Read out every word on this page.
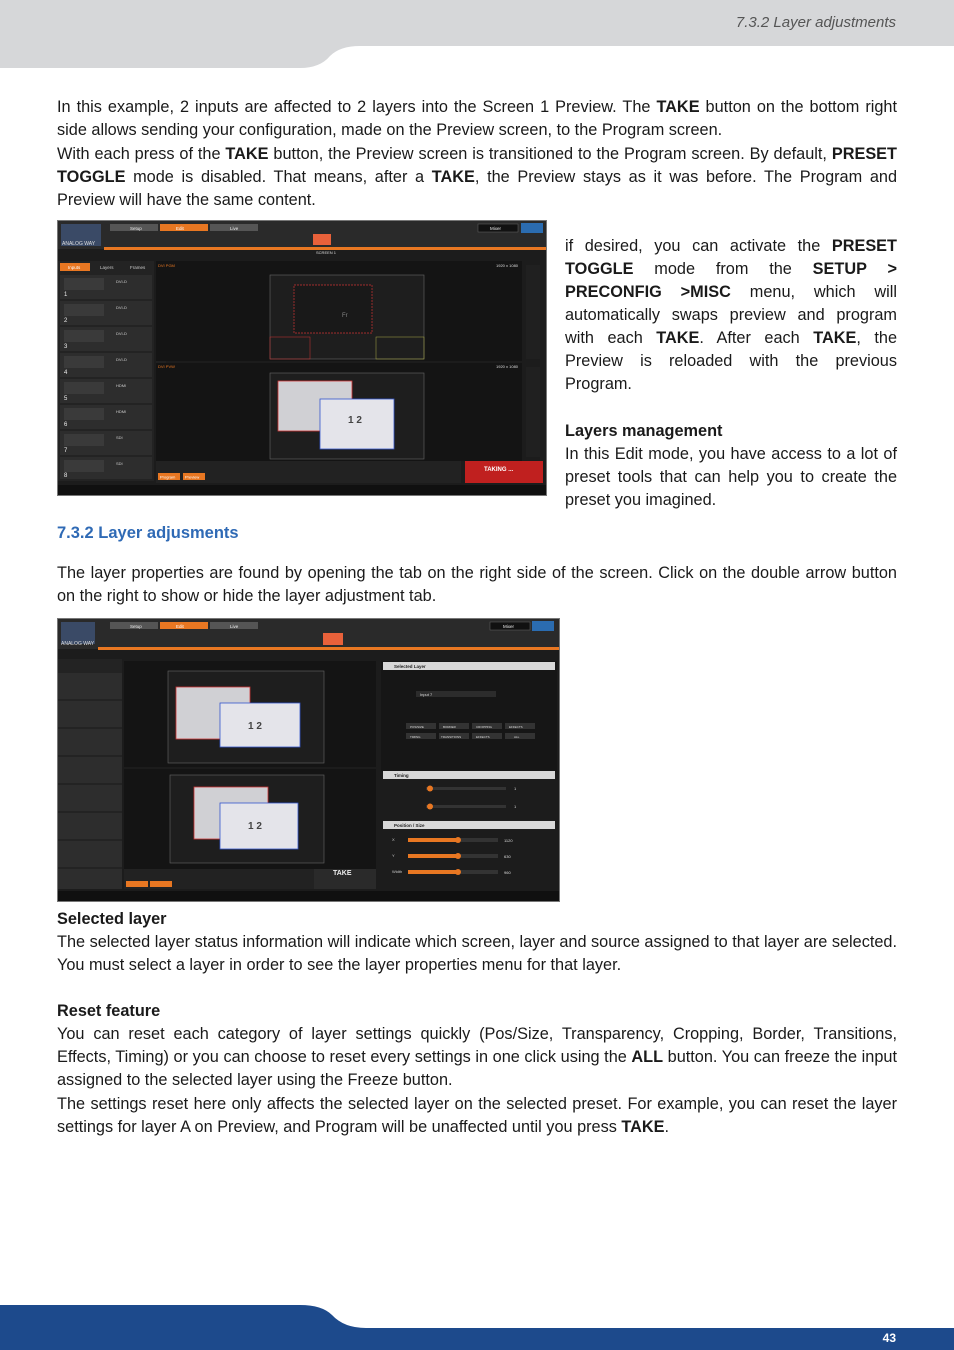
7.3.2 Layer adjustments

In this example, 2 inputs are affected to 2 layers into the Screen 1 Preview. The TAKE button on the bottom right side allows sending your configuration, made on the Preview screen, to the Program screen.

With each press of the TAKE button, the Preview screen is transitioned to the Program screen. By default, PRESET TOGGLE mode is disabled. That means, after a TAKE, the Preview stays as it was before. The Program and Preview will have the same content.

ANALOG WAY
Setup	Edit	Live	Mixer
SCREEN 1
Inputs	Layers	Frames
1
DVI-D
2
DVI-D
3
DVI-D
4
DVI-D
5
HDMI
6
HDMI
7
SDI
8
SDI
DVI PGM	1920 x 1080
Fr
DVI PVW	1920 x 1080
1 2
Program Preview
TAKING ...

if desired, you can activate the PRESET TOGGLE mode from the SETUP > PRECONFIG >MISC menu, which will automatically swaps preview and program with each TAKE. After each TAKE, the Preview is reloaded with the previous Program.

Layers management
In this Edit mode, you have access to a lot of preset tools that can help you to create the preset you imagined.

7.3.2 Layer adjusments

The layer properties are found by opening the tab on the right side of the screen. Click on the double arrow button on the right to show or hide the layer adjustment tab.

ANALOG WAY
Setup	Edit	Live	Mixer
1 2
1 2
Selected Layer
Input 7
POS/SIZE	BORDER	CROPPING	EFFECTS
TIMING	TRANSITIONS	EFFECTS	ALL
Timing
1
1
Position / Size
X	1120
Y	630
Width	960
TAKE

Selected layer
The selected layer status information will indicate which screen, layer and source assigned to that layer are selected. You must select a layer in order to see the layer properties menu for that layer.

Reset feature
You can reset each category of layer settings quickly (Pos/Size, Transparency, Cropping, Border, Transitions, Effects, Timing) or you can choose to reset every settings in one click using the ALL button. You can freeze the input assigned to the selected layer using the Freeze button.

The settings reset here only affects the selected layer on the selected preset. For example, you can reset the layer settings for layer A on Preview, and Program will be unaffected until you press TAKE.

43
